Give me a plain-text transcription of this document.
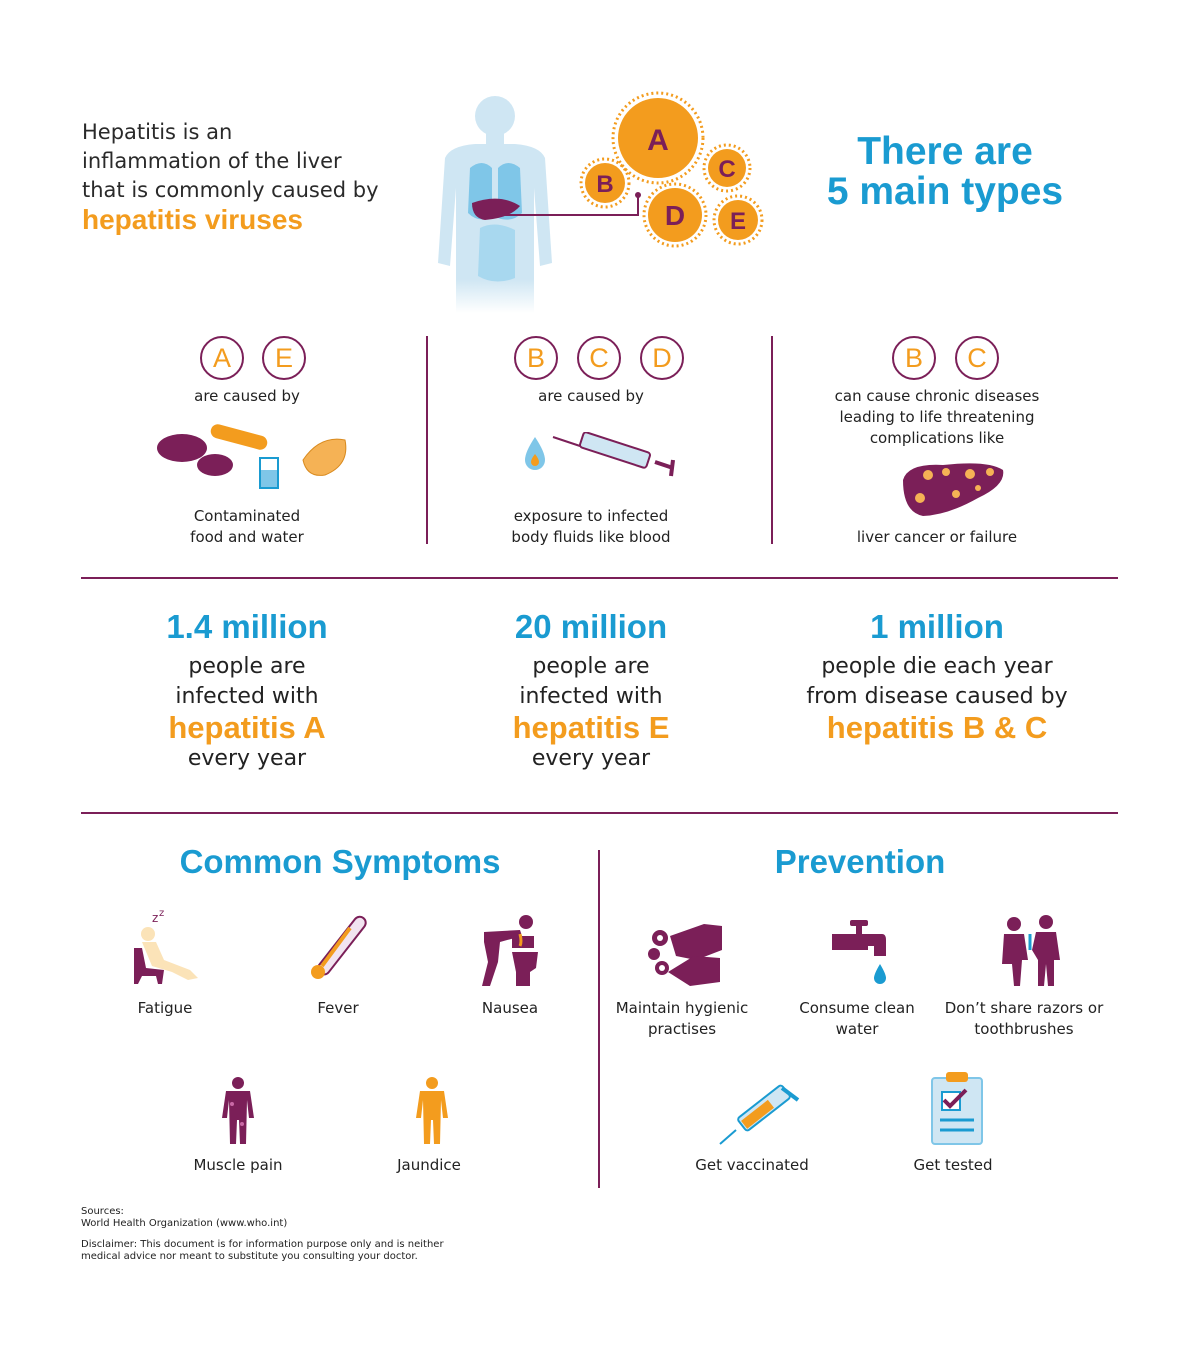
Hepatitis is an
inflammation of the liver
that is commonly caused by
hepatitis viruses
A
B
C
D E
There are
5 main types
A	E
are caused by
Contaminated
food and water
B	C	D
are caused by
exposure to infected
body fluids like blood
B	C
can cause chronic diseases
leading to life threatening
complications like
liver cancer or failure
1.4 million
people are
infected with
hepatitis A
every year
20 million
people are
infected with
hepatitis E
every year
1 million
people die each year
from disease caused by
hepatitis B & C
Common Symptoms
z z
Fatigue	Fever	Nausea
Muscle pain	Jaundice
Prevention
Maintain hygienic
practises
Consume clean
water
Don’t share razors or
toothbrushes
Get vaccinated	Get tested
Sources:
World Health Organization (www.who.int)
Disclaimer: This document is for information purpose only and is neither
medical advice nor meant to substitute you consulting your doctor.
